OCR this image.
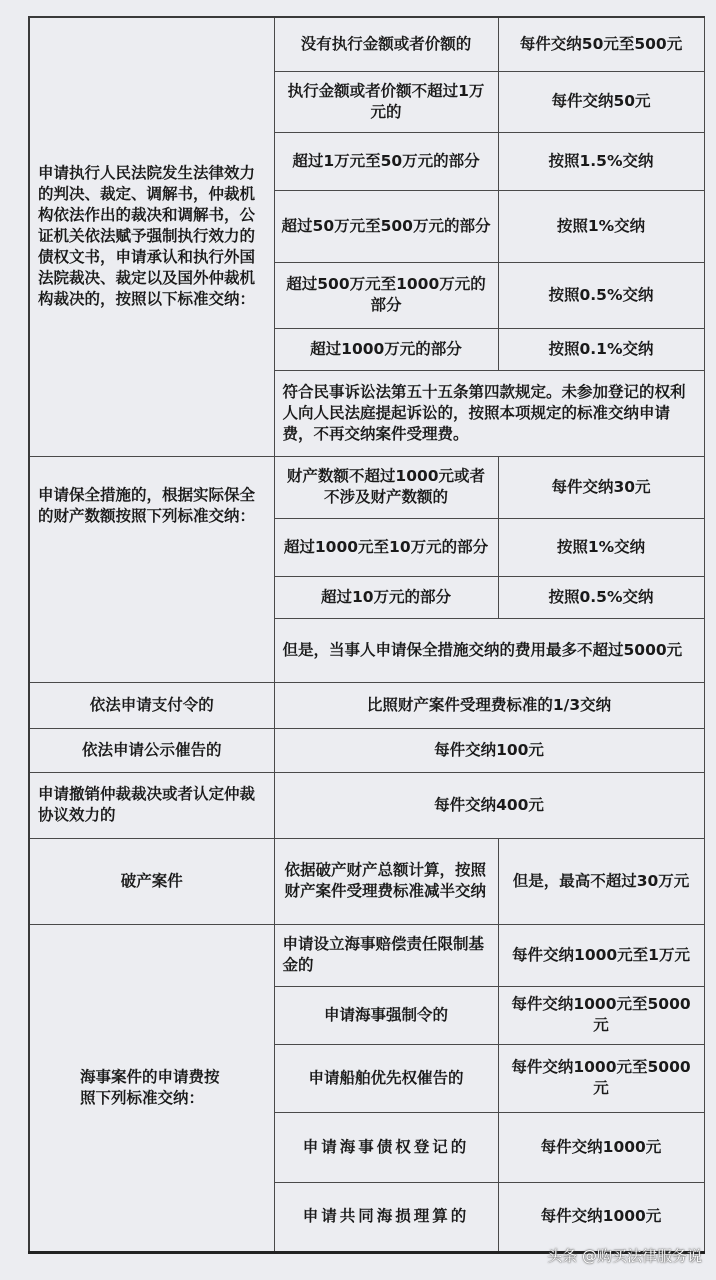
申请执行人民法院发生法律效力的判决、裁定、调解书，仲裁机构依法作出的裁决和调解书，公证机关依法赋予强制执行效力的债权文书，申请承认和执行外国法院裁决、裁定以及国外仲裁机构裁决的，按照以下标准交纳：	没有执行金额或者价额的	每件交纳50元至500元
	执行金额或者价额不超过1万元的	每件交纳50元
	超过1万元至50万元的部分	按照1.5%交纳
	超过50万元至500万元的部分	按照1%交纳
	超过500万元至1000万元的部分	按照0.5%交纳
	超过1000万元的部分	按照0.1%交纳
	符合民事诉讼法第五十五条第四款规定。未参加登记的权利人向人民法庭提起诉讼的，按照本项规定的标准交纳申请费，不再交纳案件受理费。	
申请保全措施的，根据实际保全的财产数额按照下列标准交纳：	财产数额不超过1000元或者不涉及财产数额的	每件交纳30元
	超过1000元至10万元的部分	按照1%交纳
	超过10万元的部分	按照0.5%交纳
	但是，当事人申请保全措施交纳的费用最多不超过5000元	
依法申请支付令的	比照财产案件受理费标准的1/3交纳	
依法申请公示催告的	每件交纳100元	
申请撤销仲裁裁决或者认定仲裁协议效力的	每件交纳400元	
破产案件	依据破产财产总额计算，按照财产案件受理费标准减半交纳	但是，最高不超过30万元
海事案件的申请费按照下列标准交纳：	申请设立海事赔偿责任限制基金的	每件交纳1000元至1万元
	申请海事强制令的	每件交纳1000元至5000元
	申请船舶优先权催告的	每件交纳1000元至5000元
	申请海事债权登记的	每件交纳1000元
	申请共同海损理算的	每件交纳1000元
头条 @购买法律服务说
